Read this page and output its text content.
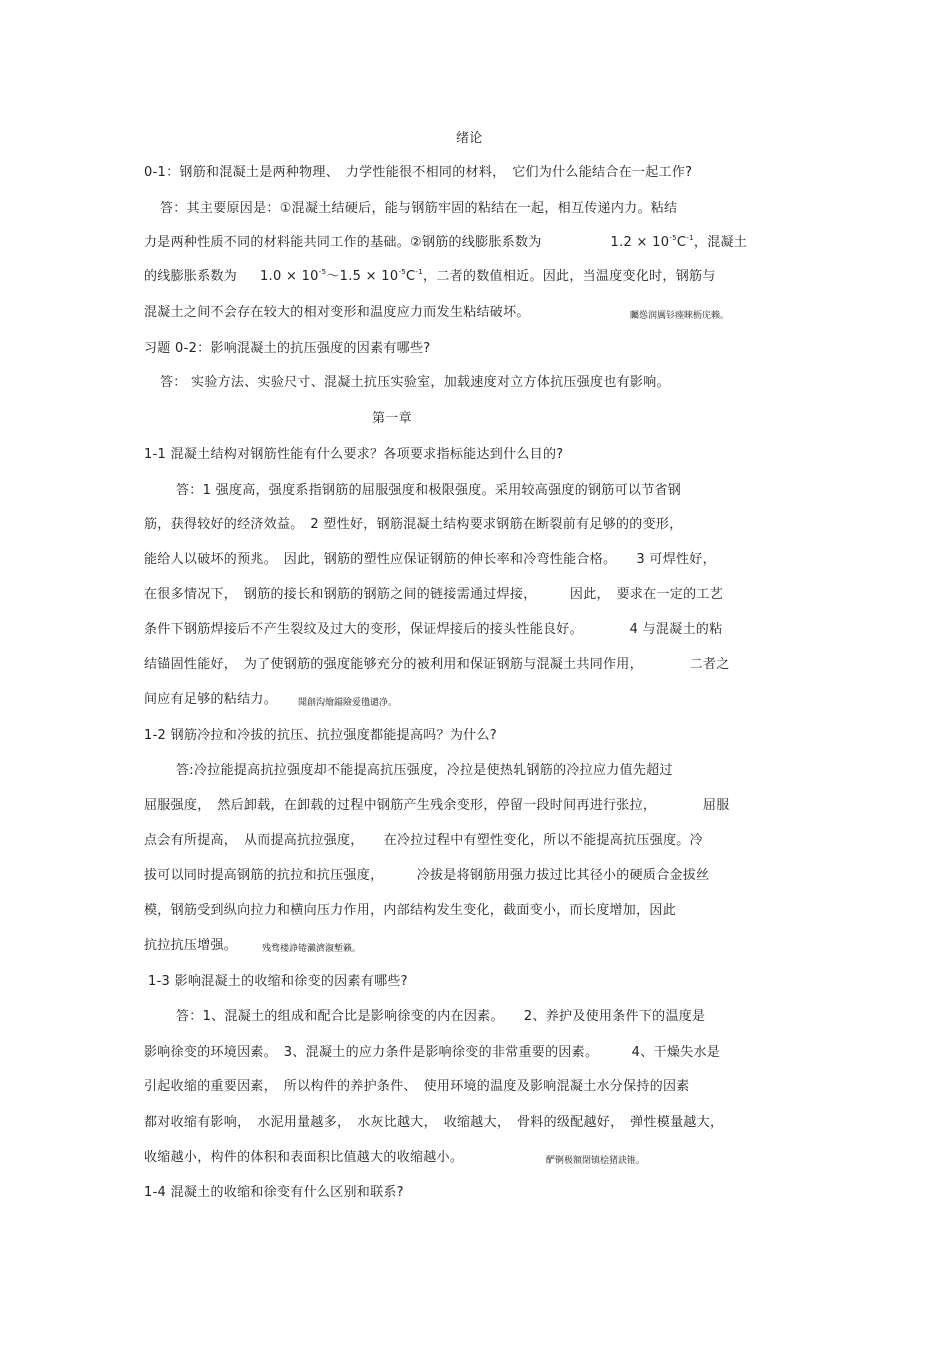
绪论
0-1：钢筋和混凝土是两种物理、　力学性能很不相同的材料，　它们为什么能结合在一起工作?
答：其主要原因是：①混凝土结硬后，能与钢筋牢固的粘结在一起，相互传递内力。粘结
力是两种性质不同的材料能共同工作的基础。②钢筋的线膨胀系数为	$1.2 \times 10^{-5}C^{-1}$，混凝土
的线膨胀系数为 $1.0 \times 10^{-5}\sim 1.5 \times 10^{-5}C^{-1}$，二者的数值相近。因此，当温度变化时，钢筋与
混凝土之间不会存在较大的相对变形和温度应力而发生粘结破坏。	矚慫润厲钐瘗睞枥庑赖。
习题 0-2：影响混凝土的抗压强度的因素有哪些?
答： 实验方法、实验尺寸、混凝土抗压实验室，加载速度对立方体抗压强度也有影响。
第一章
1-1 混凝土结构对钢筋性能有什么要求？各项要求指标能达到什么目的?
答：1 强度高，强度系指钢筋的屈服强度和极限强度。采用较高强度的钢筋可以节省钢
筋，获得较好的经济效益。　2 塑性好，钢筋混凝土结构要求钢筋在断裂前有足够的的变形，
能给人以破坏的预兆。　因此，钢筋的塑性应保证钢筋的伸长率和冷弯性能合格。　　3 可焊性好，
在很多情况下，　钢筋的接长和钢筋的钢筋之间的链接需通过焊接，　　　因此，　要求在一定的工艺
条件下钢筋焊接后不产生裂纹及过大的变形，保证焊接后的接头性能良好。　　　　4 与混凝土的粘
结锚固性能好，　为了使钢筋的强度能够充分的被利用和保证钢筋与混凝土共同作用，　　　　二者之
间应有足够的粘结力。 聞創沟燴鐺險爱氇谴净。
1-2 钢筋冷拉和冷拔的抗压、抗拉强度都能提高吗？为什么?
答:冷拉能提高抗拉强度却不能提高抗压强度，冷拉是使热轧钢筋的冷拉应力值先超过
屈服强度，　然后卸载，在卸载的过程中钢筋产生残余变形，停留一段时间再进行张拉，　　　　屈服
点会有所提高，　从而提高抗拉强度，　　在冷拉过程中有塑性变化，所以不能提高抗压强度。冷
拔可以同时提高钢筋的抗拉和抗压强度，　　　冷拔是将钢筋用强力拔过比其径小的硬质合金拔丝
模，钢筋受到纵向拉力和横向压力作用，内部结构发生变化，截面变小，而长度增加，因此
抗拉抗压增强。	残骛楼諍锩瀨濟溆塹籟。
1-3 影响混凝土的收缩和徐变的因素有哪些?
答：1、混凝土的组成和配合比是影响徐变的内在因素。　　2、养护及使用条件下的温度是
影响徐变的环境因素。　3、混凝土的应力条件是影响徐变的非常重要的因素。　　　4、干燥失水是
引起收缩的重要因素，　所以构件的养护条件、　使用环境的温度及影响混凝土水分保持的因素
都对收缩有影响，　水泥用量越多，　水灰比越大，　收缩越大，　骨料的级配越好，　弹性模量越大，
收缩越小，构件的体积和表面积比值越大的收缩越小。	酽锕极額閉镇桧猪訣锥。
1-4 混凝土的收缩和徐变有什么区别和联系?
